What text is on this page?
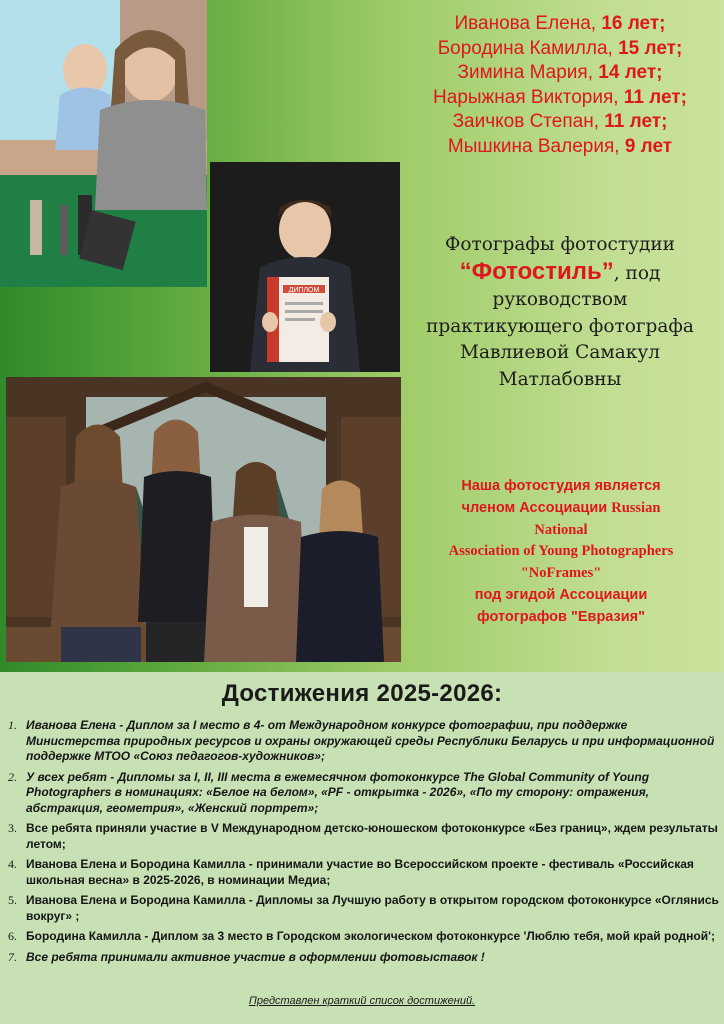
ДИПЛОМ
Иванова Елена, 16 лет;
Бородина Камилла, 15 лет;
Зимина Мария, 14 лет;
Нарыжная Виктория, 11 лет;
Заичков Степан, 11 лет;
Мышкина Валерия, 9 лет
Фотографы фотостудии
“Фотостиль”, под
руководством
практикующего фотографа
Мавлиевой Самакул
Матлабовны
Наша фотостудия является
членом Ассоциации Russian
National
Association of Young Photographers
"NoFrames"
под эгидой Ассоциации
фотографов "Евразия"
Достижения 2025-2026:
1. Иванова Елена - Диплом за I место в 4- от Международном конкурсе фотографии, при поддержке Министерства природных ресурсов и охраны окружающей среды Республики Беларусь и при информационной поддержке МТОО «Союз педагогов-художников»;
2. У всех ребят - Дипломы за I, II, III места в ежемесячном фотоконкурсе The Global Community of Young Photographers в номинациях: «Белое на белом», «PF - открытка - 2026», «По ту сторону: отражения, абстракция, геометрия», «Женский портрет»;
3. Все ребята приняли участие в V Международном детско-юношеском фотоконкурсе «Без границ», ждем результаты летом;
4. Иванова Елена и Бородина Камилла - принимали участие во Всероссийском проекте - фестиваль «Российская школьная весна» в 2025-2026, в номинации Медиа;
5. Иванова Елена и Бородина Камилла - Дипломы за Лучшую работу в открытом городском фотоконкурсе «Оглянись вокруг» ;
6. Бородина Камилла - Диплом за 3 место в Городском экологическом фотоконкурсе 'Люблю тебя, мой край родной';
7. Все ребята принимали активное участие в оформлении фотовыставок !
Представлен краткий список достижений.
